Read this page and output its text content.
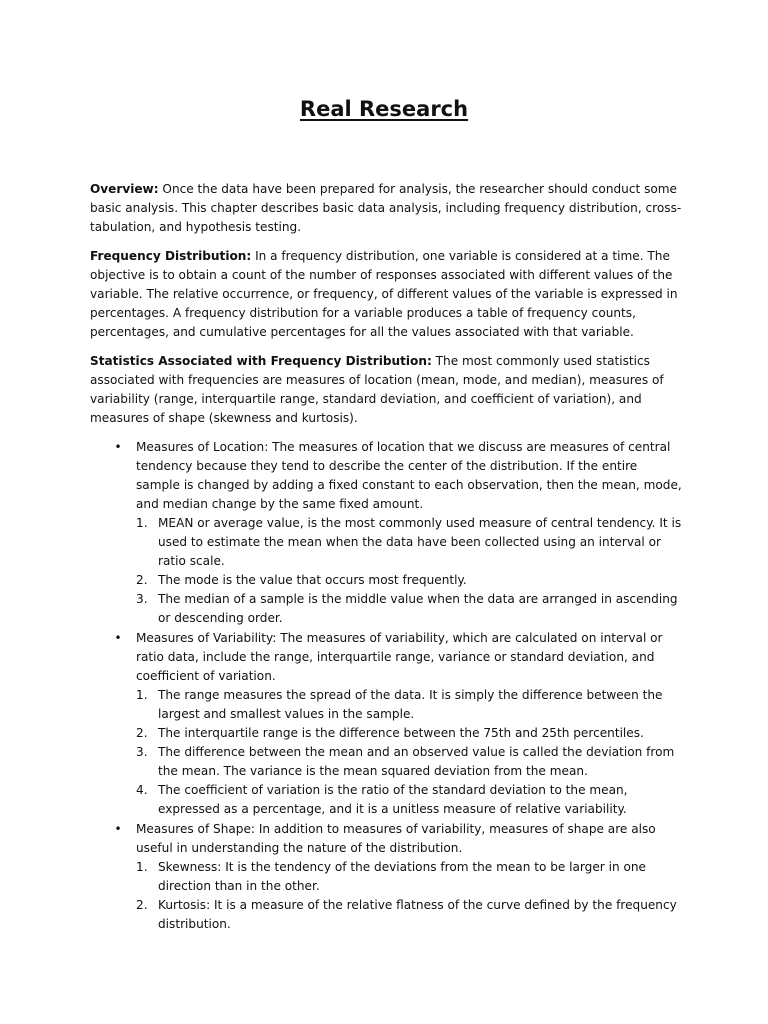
Real Research

Overview: Once the data have been prepared for analysis, the researcher should conduct some basic analysis. This chapter describes basic data analysis, including frequency distribution, cross-tabulation, and hypothesis testing.

Frequency Distribution: In a frequency distribution, one variable is considered at a time. The objective is to obtain a count of the number of responses associated with different values of the variable. The relative occurrence, or frequency, of different values of the variable is expressed in percentages. A frequency distribution for a variable produces a table of frequency counts, percentages, and cumulative percentages for all the values associated with that variable.

Statistics Associated with Frequency Distribution: The most commonly used statistics associated with frequencies are measures of location (mean, mode, and median), measures of variability (range, interquartile range, standard deviation, and coefficient of variation), and measures of shape (skewness and kurtosis).

• Measures of Location: The measures of location that we discuss are measures of central tendency because they tend to describe the center of the distribution. If the entire sample is changed by adding a fixed constant to each observation, then the mean, mode, and median change by the same fixed amount.
1. MEAN or average value, is the most commonly used measure of central tendency. It is used to estimate the mean when the data have been collected using an interval or ratio scale.
2. The mode is the value that occurs most frequently.
3. The median of a sample is the middle value when the data are arranged in ascending or descending order.
• Measures of Variability: The measures of variability, which are calculated on interval or ratio data, include the range, interquartile range, variance or standard deviation, and coefficient of variation.
1. The range measures the spread of the data. It is simply the difference between the largest and smallest values in the sample.
2. The interquartile range is the difference between the 75th and 25th percentiles.
3. The difference between the mean and an observed value is called the deviation from the mean. The variance is the mean squared deviation from the mean.
4. The coefficient of variation is the ratio of the standard deviation to the mean, expressed as a percentage, and it is a unitless measure of relative variability.
• Measures of Shape: In addition to measures of variability, measures of shape are also useful in understanding the nature of the distribution.
1. Skewness: It is the tendency of the deviations from the mean to be larger in one direction than in the other.
2. Kurtosis: It is a measure of the relative flatness of the curve defined by the frequency distribution.
